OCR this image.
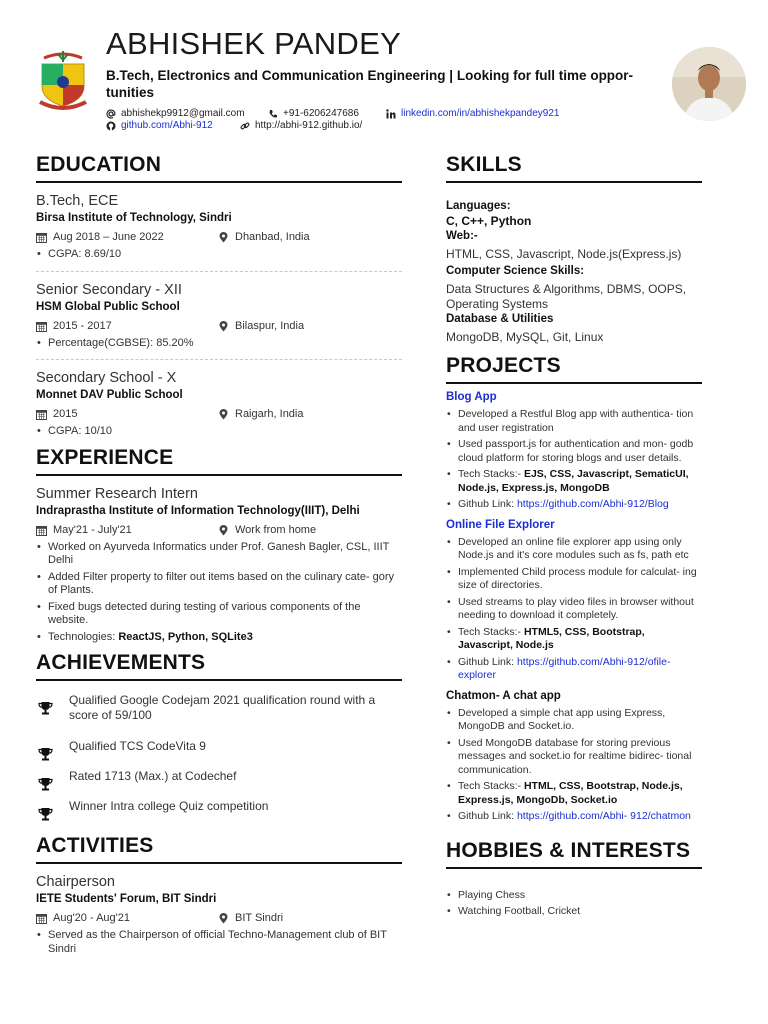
ABHISHEK PANDEY
B.Tech, Electronics and Communication Engineering | Looking for full time oppor- tunities
abhishekp9912@gmail.com	+91-6206247686	linkedin.com/in/abhishekpandey921
github.com/Abhi-912	http://abhi-912.github.io/
EDUCATION
B.Tech, ECE
Birsa Institute of Technology, Sindri
Aug 2018 – June 2022	Dhanbad, India
• CGPA: 8.69/10
Senior Secondary - XII
HSM Global Public School
2015 - 2017	Bilaspur, India
• Percentage(CGBSE): 85.20%
Secondary School - X
Monnet DAV Public School
2015	Raigarh, India
• CGPA: 10/10
EXPERIENCE
Summer Research Intern
Indraprastha Institute of Information Technology(IIIT), Delhi
May'21 - July'21	Work from home
• Worked on Ayurveda Informatics under Prof. Ganesh Bagler, CSL, IIIT Delhi
• Added Filter property to filter out items based on the culinary cate- gory of Plants.
• Fixed bugs detected during testing of various components of the website.
• Technologies: ReactJS, Python, SQLite3
ACHIEVEMENTS
Qualified Google Codejam 2021 qualification round with a score of 59/100
Qualified TCS CodeVita 9
Rated 1713 (Max.) at Codechef
Winner Intra college Quiz competition
ACTIVITIES
Chairperson
IETE Students' Forum, BIT Sindri
Aug'20 - Aug'21	BIT Sindri
• Served as the Chairperson of official Techno-Management club of BIT Sindri
SKILLS
Languages:
C, C++, Python
Web:-
HTML, CSS, Javascript, Node.js(Express.js)
Computer Science Skills:
Data Structures & Algorithms, DBMS, OOPS, Operating Systems
Database & Utilities
MongoDB, MySQL, Git, Linux
PROJECTS
Blog App
• Developed a Restful Blog app with authentica- tion and user registration
• Used passport.js for authentication and mon- godb cloud platform for storing blogs and user details.
• Tech Stacks:- EJS, CSS, Javascript, SematicUI, Node.js, Express.js, MongoDB
• Github Link: https://github.com/Abhi-912/Blog
Online File Explorer
• Developed an online file explorer app using only Node.js and it's core modules such as fs, path etc
• Implemented Child process module for calculat- ing size of directories.
• Used streams to play video files in browser without needing to download it completely.
• Tech Stacks:- HTML5, CSS, Bootstrap, Javascript, Node.js
• Github Link: https://github.com/Abhi-912/ofile- explorer
Chatmon- A chat app
• Developed a simple chat app using Express, MongoDB and Socket.io.
• Used MongoDB database for storing previous messages and socket.io for realtime bidirec- tional communication.
• Tech Stacks:- HTML, CSS, Bootstrap, Node.js, Express.js, MongoDb, Socket.io
• Github Link: https://github.com/Abhi- 912/chatmon
HOBBIES & INTERESTS
• Playing Chess
• Watching Football, Cricket
